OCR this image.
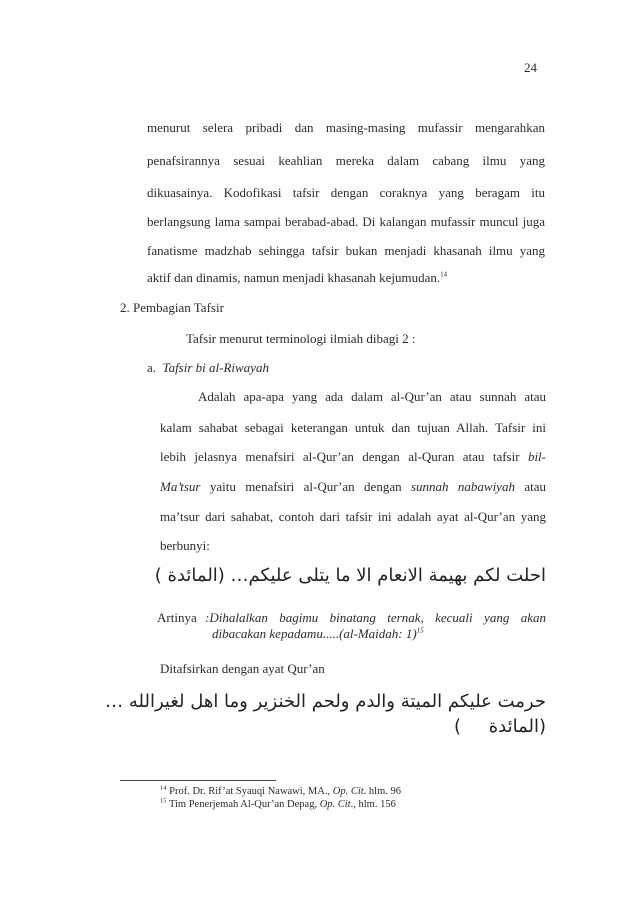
24
menurut selera pribadi dan masing-masing mufassir mengarahkan
penafsirannya sesuai keahlian mereka dalam cabang ilmu yang
dikuasainya. Kodofikasi tafsir dengan coraknya yang beragam itu
berlangsung lama sampai berabad-abad. Di kalangan mufassir muncul juga
fanatisme madzhab sehingga tafsir bukan menjadi khasanah ilmu yang
aktif dan dinamis, namun menjadi khasanah kejumudan.$^{14}$
2. Pembagian Tafsir
Tafsir menurut terminologi ilmiah dibagi 2 :
a. Tafsir bi al-Riwayah
Adalah apa-apa yang ada dalam al-Qur’an atau sunnah atau
kalam sahabat sebagai keterangan untuk dan tujuan Allah. Tafsir ini
lebih jelasnya menafsiri al-Qur’an dengan al-Quran atau tafsir bil-
Ma’tsur yaitu menafsiri al-Qur’an dengan sunnah nabawiyah atau
ma’tsur dari sahabat, contoh dari tafsir ini adalah ayat al-Qur’an yang
berbunyi:
احلت لكم بهيمة الانعام الا ما يتلى عليكم… (المائدة )
Artinya :Dihalalkan bagimu binatang ternak, kecuali yang akan
dibacakan kepadamu.....(al-Maidah: 1)$^{15}$
Ditafsirkan dengan ayat Qur’an
حرمت عليكم الميتة والدم ولحم الخنزير وما اهل لغيرالله …
(المائدة )
$^{14}$ Prof. Dr. Rif’at Syauqi Nawawi, MA., Op. Cit. hlm. 96
$^{15}$ Tim Penerjemah Al-Qur’an Depag, Op. Cit., hlm. 156
